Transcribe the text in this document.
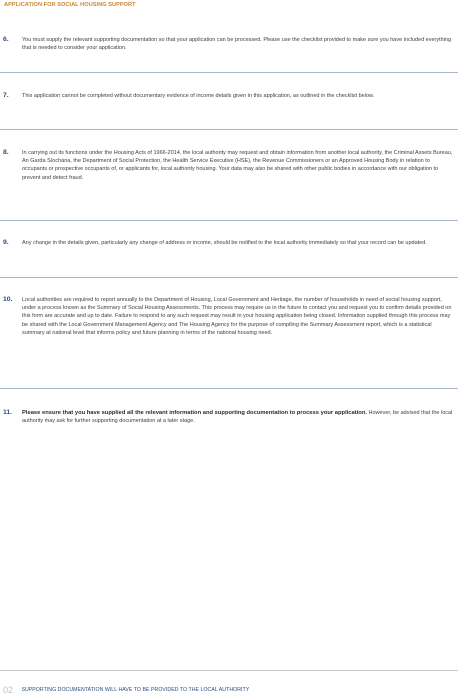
APPLICATION FOR SOCIAL HOUSING SUPPORT
6. You must supply the relevant supporting documentation so that your application can be processed. Please use the checklist provided to make sure you have included everything that is needed to consider your application.
7. This application cannot be completed without documentary evidence of income details given in this application, as outlined in the checklist below.
8. In carrying out its functions under the Housing Acts of 1966-2014, the local authority may request and obtain information from another local authority, the Criminal Assets Bureau, An Garda Síochána, the Department of Social Protection, the Health Service Executive (HSE), the Revenue Commissioners or an Approved Housing Body in relation to occupants or prospective occupants of, or applicants for, local authority housing. Your data may also be shared with other public bodies in accordance with our obligation to prevent and detect fraud.
9. Any change in the details given, particularly any change of address or income, should be notified to the local authority immediately so that your record can be updated.
10. Local authorities are required to report annually to the Department of Housing, Local Government and Heritage, the number of households in need of social housing support, under a process known as the Summary of Social Housing Assessments. This process may require us in the future to contact you and request you to confirm details provided on this form are accurate and up to date. Failure to respond to any such request may result in your housing application being closed. Information supplied through this process may be shared with the Local Government Management Agency and The Housing Agency for the purpose of compiling the Summary Assessment report, which is a statistical summary at national level that informs policy and future planning in terms of the national housing need.
11. Please ensure that you have supplied all the relevant information and supporting documentation to process your application. However, be advised that the local authority may ask for further supporting documentation at a later stage.
02 SUPPORTING DOCUMENTATION WILL HAVE TO BE PROVIDED TO THE LOCAL AUTHORITY
